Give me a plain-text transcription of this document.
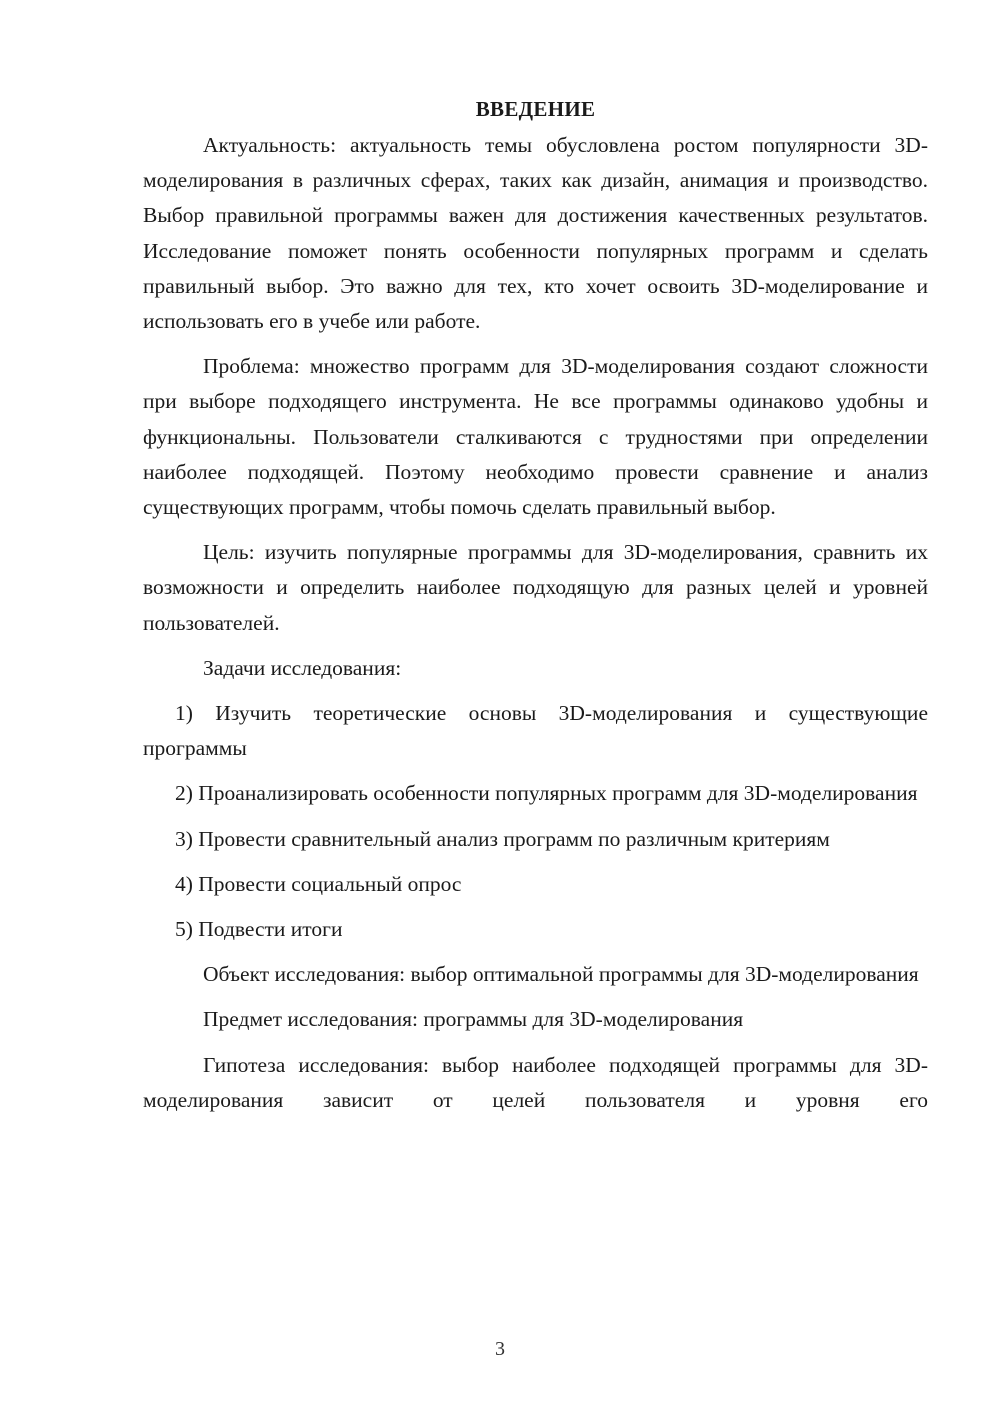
ВВЕДЕНИЕ

Актуальность: актуальность темы обусловлена ростом популярности 3D-моделирования в различных сферах, таких как дизайн, анимация и производство. Выбор правильной программы важен для достижения качественных результатов. Исследование поможет понять особенности популярных программ и сделать правильный выбор. Это важно для тех, кто хочет освоить 3D-моделирование и использовать его в учебе или работе.

Проблема: множество программ для 3D-моделирования создают сложности при выборе подходящего инструмента. Не все программы одинаково удобны и функциональны. Пользователи сталкиваются с трудностями при определении наиболее подходящей. Поэтому необходимо провести сравнение и анализ существующих программ, чтобы помочь сделать правильный выбор.

Цель: изучить популярные программы для 3D-моделирования, сравнить их возможности и определить наиболее подходящую для разных целей и уровней пользователей.

Задачи исследования:

1) Изучить теоретические основы 3D-моделирования и существующие программы

2) Проанализировать особенности популярных программ для 3D-моделирования

3) Провести сравнительный анализ программ по различным критериям

4) Провести социальный опрос

5) Подвести итоги

Объект исследования: выбор оптимальной программы для 3D-моделирования

Предмет исследования: программы для 3D-моделирования

Гипотеза исследования: выбор наиболее подходящей программы для 3D-моделирования зависит от целей пользователя и уровня его

3
